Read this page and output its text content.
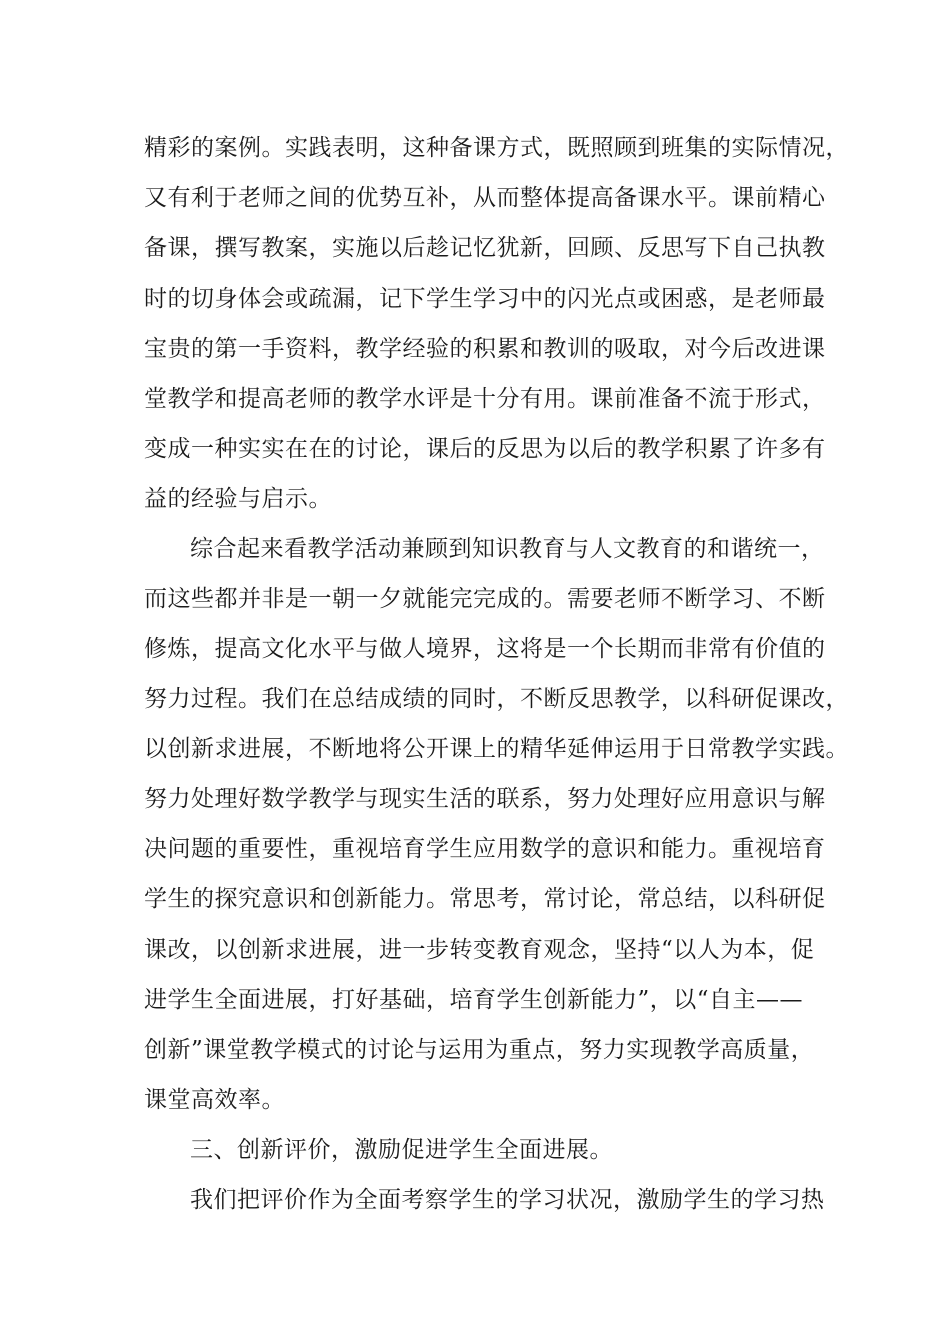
精彩的案例。实践表明，这种备课方式，既照顾到班集的实际情况，
又有利于老师之间的优势互补，从而整体提高备课水平。课前精心
备课，撰写教案，实施以后趁记忆犹新，回顾、反思写下自己执教
时的切身体会或疏漏，记下学生学习中的闪光点或困惑，是老师最
宝贵的第一手资料，教学经验的积累和教训的吸取，对今后改进课
堂教学和提高老师的教学水评是十分有用。课前准备不流于形式，
变成一种实实在在的讨论，课后的反思为以后的教学积累了许多有
益的经验与启示。
综合起来看教学活动兼顾到知识教育与人文教育的和谐统一，
而这些都并非是一朝一夕就能完完成的。需要老师不断学习、不断
修炼，提高文化水平与做人境界，这将是一个长期而非常有价值的
努力过程。我们在总结成绩的同时，不断反思教学，以科研促课改，
以创新求进展，不断地将公开课上的精华延伸运用于日常教学实践。
努力处理好数学教学与现实生活的联系，努力处理好应用意识与解
决问题的重要性，重视培育学生应用数学的意识和能力。重视培育
学生的探究意识和创新能力。常思考，常讨论，常总结，以科研促
课改，以创新求进展，进一步转变教育观念，坚持“以人为本，促
进学生全面进展，打好基础，培育学生创新能力”，以“自主——
创新”课堂教学模式的讨论与运用为重点，努力实现教学高质量，
课堂高效率。
三、创新评价，激励促进学生全面进展。
我们把评价作为全面考察学生的学习状况，激励学生的学习热
